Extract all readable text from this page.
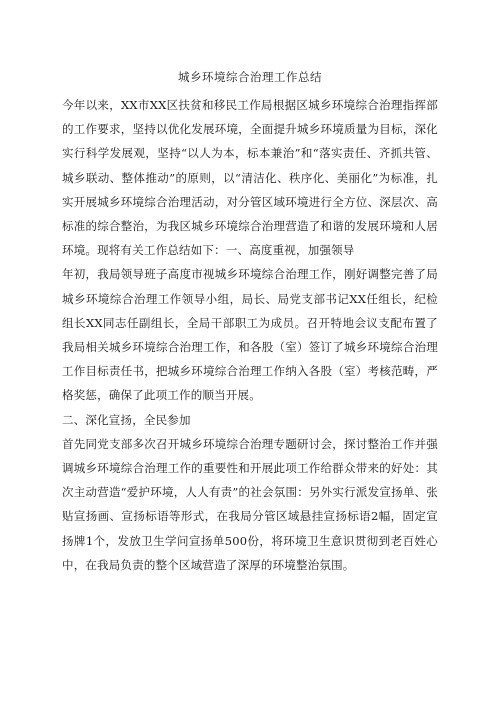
城乡环境综合治理工作总结

今年以来，XX市XX区扶贫和移民工作局根据区城乡环境综合治理指挥部的工作要求，坚持以优化发展环境，全面提升城乡环境质量为目标，深化实行科学发展观，坚持“以人为本，标本兼治”和“落实责任、齐抓共管、城乡联动、整体推动”的原则，以“清洁化、秩序化、美丽化”为标准，扎实开展城乡环境综合治理活动，对分管区域环境进行全方位、深层次、高标准的综合整治，为我区城乡环境综合治理营造了和谐的发展环境和人居环境。现将有关工作总结如下：一、高度重视，加强领导

年初，我局领导班子高度市视城乡环境综合治理工作，刚好调整完善了局城乡环境综合治理工作领导小组，局长、局党支部书记XX任组长，纪检组长XX同志任副组长，全局干部职工为成员。召开特地会议支配布置了我局相关城乡环境综合治理工作，和各股（室）签订了城乡环境综合治理工作目标责任书，把城乡环境综合治理工作纳入各股（室）考核范畴，严格奖惩，确保了此项工作的顺当开展。

二、深化宣扬，全民参加

首先同党支部多次召开城乡环境综合治理专题研讨会，探讨整治工作并强调城乡环境综合治理工作的重要性和开展此项工作给群众带来的好处：其次主动营造“爱护环境，人人有责”的社会氛围：另外实行派发宣扬单、张贴宣扬画、宣扬标语等形式，在我局分管区域悬挂宣扬标语2幅，固定宣扬牌1个，发放卫生学问宣扬单500份，将环境卫生意识贯彻到老百姓心中，在我局负责的整个区域营造了深厚的环境整治氛围。
